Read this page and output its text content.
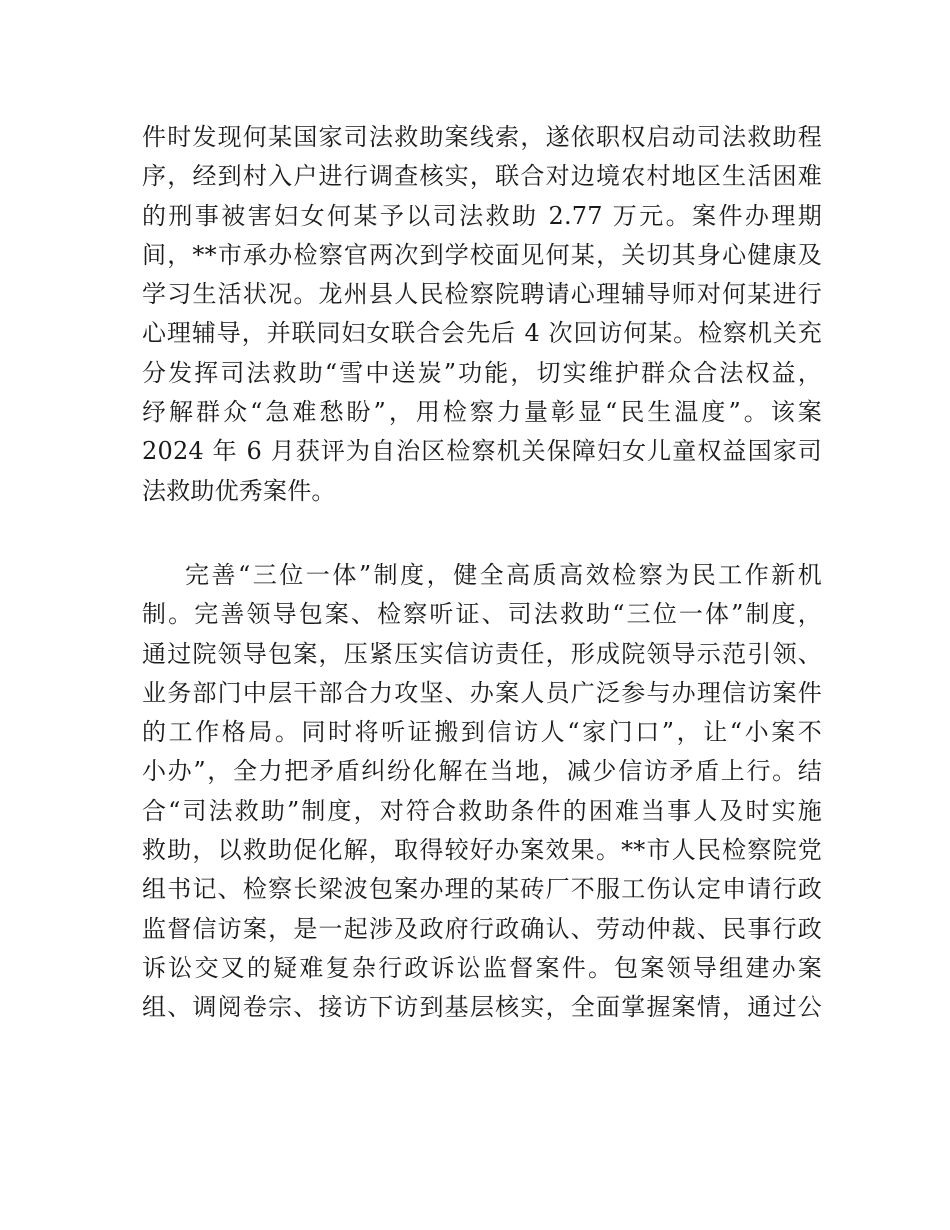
件时发现何某国家司法救助案线索，遂依职权启动司法救助程
序，经到村入户进行调查核实，联合对边境农村地区生活困难
的刑事被害妇女何某予以司法救助 2.77 万元。案件办理期
间，**市承办检察官两次到学校面见何某，关切其身心健康及
学习生活状况。龙州县人民检察院聘请心理辅导师对何某进行
心理辅导，并联同妇女联合会先后 4 次回访何某。检察机关充
分发挥司法救助“雪中送炭”功能，切实维护群众合法权益，
纾解群众“急难愁盼”，用检察力量彰显“民生温度”。该案
2024 年 6 月获评为自治区检察机关保障妇女儿童权益国家司
法救助优秀案件。
完善“三位一体”制度，健全高质高效检察为民工作新机
制。完善领导包案、检察听证、司法救助“三位一体”制度，
通过院领导包案，压紧压实信访责任，形成院领导示范引领、
业务部门中层干部合力攻坚、办案人员广泛参与办理信访案件
的工作格局。同时将听证搬到信访人“家门口”，让“小案不
小办”，全力把矛盾纠纷化解在当地，减少信访矛盾上行。结
合“司法救助”制度，对符合救助条件的困难当事人及时实施
救助，以救助促化解，取得较好办案效果。**市人民检察院党
组书记、检察长梁波包案办理的某砖厂不服工伤认定申请行政
监督信访案，是一起涉及政府行政确认、劳动仲裁、民事行政
诉讼交叉的疑难复杂行政诉讼监督案件。包案领导组建办案
组、调阅卷宗、接访下访到基层核实，全面掌握案情，通过公
